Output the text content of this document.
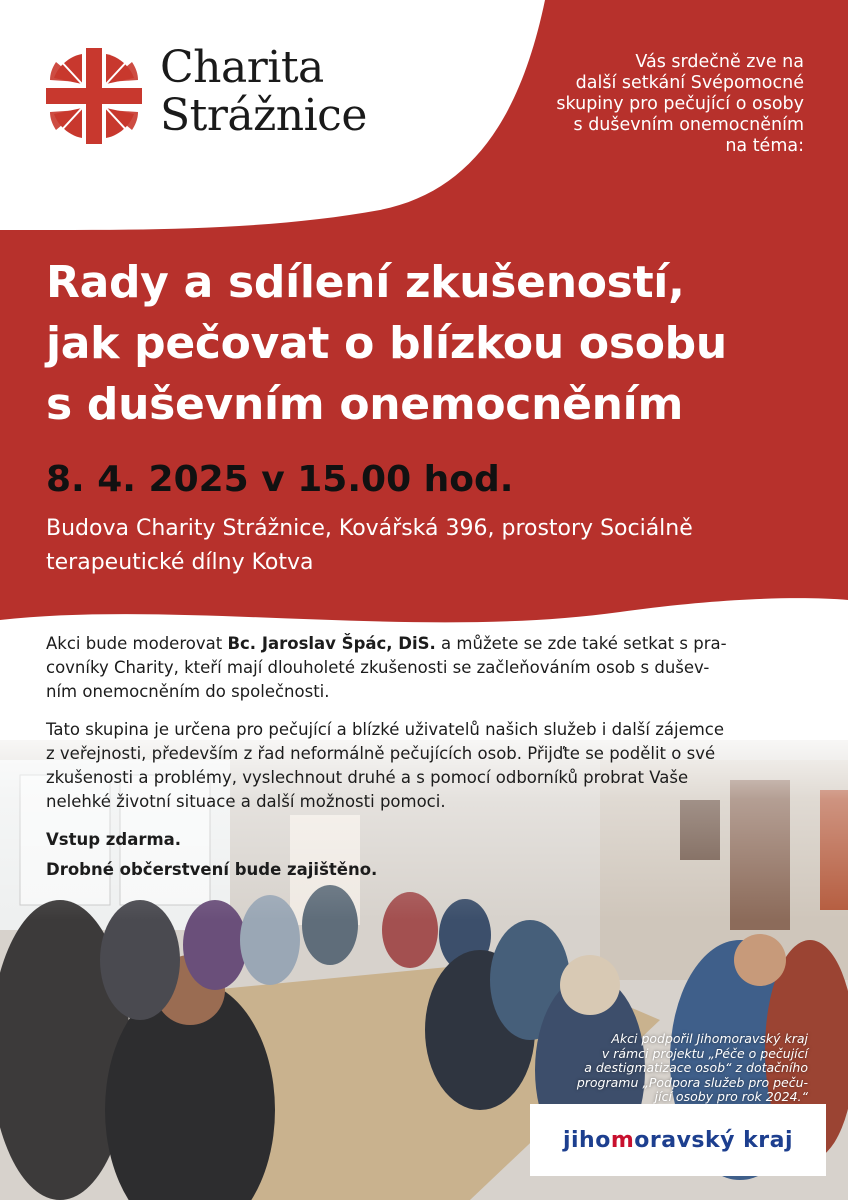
Charita
Strážnice
Vás srdečně zve na
další setkání Svépomocné
skupiny pro pečující o osoby
s duševním onemocněním
na téma:
Rady a sdílení zkušeností,
jak pečovat o blízkou osobu
s duševním onemocněním
8. 4. 2025 v 15.00 hod.
Budova Charity Strážnice, Kovářská 396, prostory Sociálně
terapeutické dílny Kotva

Akci bude moderovat Bc. Jaroslav Špác, DiS. a můžete se zde také setkat s pra-
covníky Charity, kteří mají dlouholeté zkušenosti se začleňováním osob s dušev-
ním onemocněním do společnosti.

Tato skupina je určena pro pečující a blízké uživatelů našich služeb i další zájemce
z veřejnosti, především z řad neformálně pečujících osob. Přijďte se podělit o své
zkušenosti a problémy, vyslechnout druhé a s pomocí odborníků probrat Vaše
nelehké životní situace a další možnosti pomoci.

Vstup zdarma.
Drobné občerstvení bude zajištěno.
Akci podpořil Jihomoravský kraj
v rámci projektu „Péče o pečující
a destigmatizace osob“ z dotačního
programu „Podpora služeb pro peču-
jící osoby pro rok 2024.“
jihomoravský kraj
